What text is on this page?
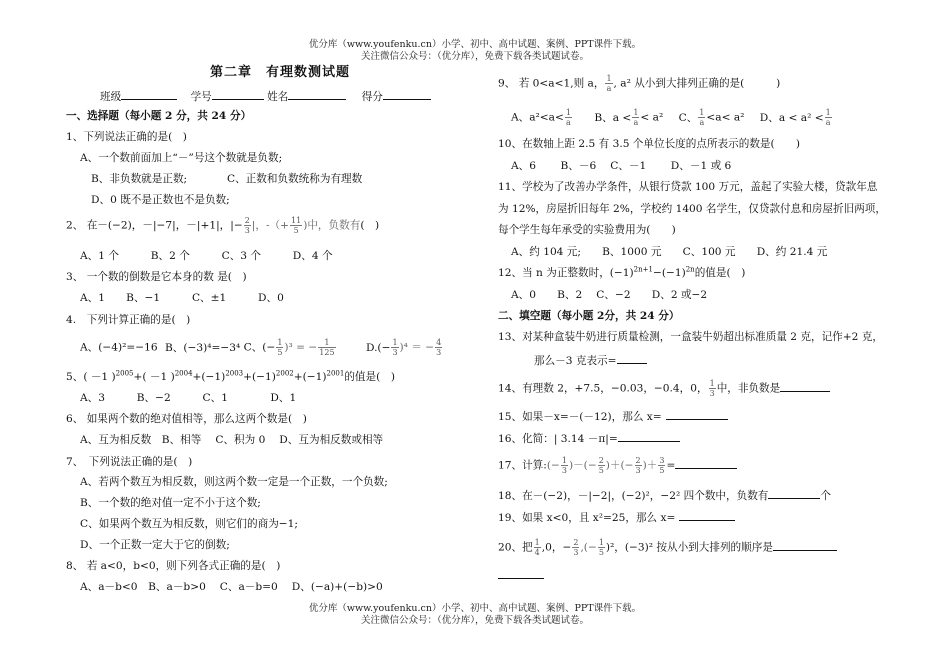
优分库（www.youfenku.cn）小学、初中、高中试题、案例、PPT课件下载。
关注微信公众号：（优分库），免费下载各类试题试卷。
第二章　有理数测试题
班级	学号	姓名	得分
一、选择题（每小题 2 分，共 24 分）
1、下列说法正确的是(　)
A、一个数前面加上“－”号这个数就是负数;
B、非负数就是正数;	C、正数和负数统称为有理数
D、0 既不是正数也不是负数;
2、 在－(−2)，－|−7|，－|+1|，|− $\frac{2}{3}$ |，-（+ $\frac{11}{5}$ )中，负数有(　)
A、1 个　　　B、2 个　　　C、3 个　　　D、4 个
3、 一个数的倒数是它本身的数 是(　)
A、1　　B、−1　　　C、±1　　　D、0
4.　下列计算正确的是(　)
A、(−4)²=−16 B、(−3)⁴=−3⁴ C、(− $\frac{1}{5} )^3$ = − $\frac{1}{125}$	$D.(- \frac{1}{3} )^4$ ＝ − $\frac{4}{3}$
5、( －1 )$^{2005}$+( －1 )$^{2004}+(-1)^{2003}+(-1)^{2002}+(-1)^{2001}$的值是(　)
A、3　　　B、−2　　　C、1　　　　D、1
6、 如果两个数的绝对值相等，那么这两个数是(　)
A、互为相反数　B、相等　 C、积为 0　 D、互为相反数或相等
7、　下列说法正确的是(　)
A、若两个数互为相反数，则这两个数一定是一个正数，一个负数;
B、一个数的绝对值一定不小于这个数;
C、如果两个数互为相反数，则它们的商为−1;
D、一个正数一定大于它的倒数;
8、 若 a<0，b<0，则下列各式正确的是(　)
A、a－b<0　B、a－b>0　 C、a－b=0　 D、(−a)+(−b)>0
9、 若 0<a<1,则 a， $\frac{1}{a}$ , a² 从小到大排列正确的是(　　　)
A、$a^2<a< \frac{1}{a}$ B、$a < \frac{1}{a} < a^2$ C、 $\frac{1}{a} <a< a^2$ D、$a < a^2 < \frac{1}{a}$
10、在数轴上距 2.5 有 3.5 个单位长度的点所表示的数是(　　)
A、6　　 B、－6　 C、－1　　 D、－1 或 6
11、学校为了改善办学条件，从银行贷款 100 万元，盖起了实验大楼，贷款年息
为 12%，房屋折旧每年 2%，学校约 1400 名学生，仅贷款付息和房屋折旧两项，
每个学生每年承受的实验费用为(　　)
A、约 104 元;　　B、1000 元　　C、100 元　　D、约 21.4 元
12、当 n 为正整数时，$(-1)^{2n+1}-(-1)^{2n}$的值是(　)
A、0　　B、2　 C、−2　　D、2 或−2
二、填空题（每小题 2分，共 24 分）
13、对某种盒装牛奶进行质量检测，一盒装牛奶超出标准质量 2 克，记作+2 克，
那么－3 克表示=
14、有理数 2，+7.5，−0.03，−0.4，0， $\frac{1}{3}$ 中，非负数是
15、如果－x=－(－12)，那么 x=
16、化简：| 3.14 －π|=
17、计算:(− $\frac{1}{3}$ )－(− $\frac{2}{5}$ )＋(− $\frac{2}{3}$ )＋ $\frac{3}{5}$ =
18、在－(−2)，－|−2|，(−2)²，−2² 四个数中，负数有	个
19、如果 x<0，且 x²=25，那么 x=
20、把 $\frac{1}{4} ,0$，− $\frac{2}{3}$ ,(− $\frac{1}{5} )^2$，(−3)² 按从小到大排列的顺序是
优分库（www.youfenku.cn）小学、初中、高中试题、案例、PPT课件下载。
关注微信公众号：（优分库），免费下载各类试题试卷。
